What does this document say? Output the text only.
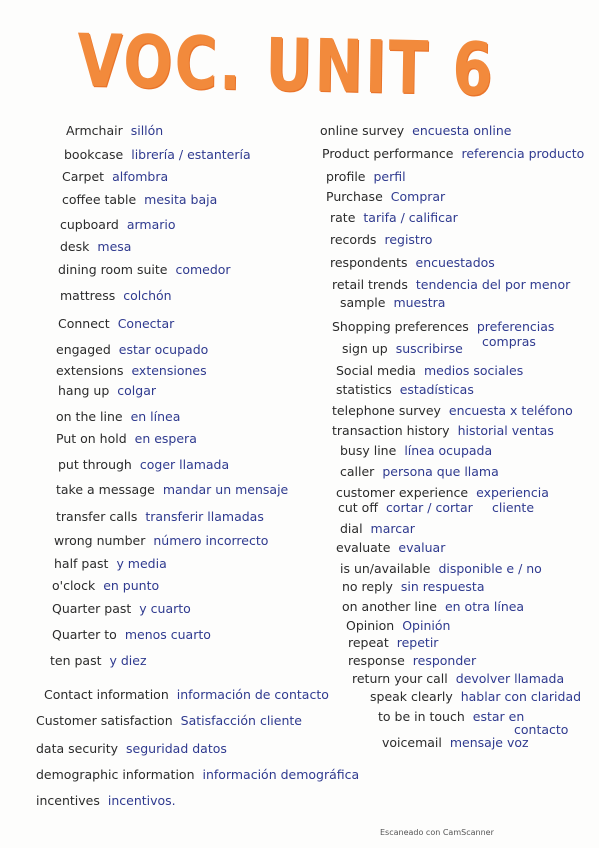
VOC. UNIT 6
Armchair sillón
bookcase librería / estantería
Carpet alfombra
coffee table mesita baja
cupboard armario
desk mesa
dining room suite comedor
mattress colchón
Connect Conectar
engaged estar ocupado
extensions extensiones
hang up colgar
on the line en línea
Put on hold en espera
put through coger llamada
take a message mandar un mensaje
transfer calls transferir llamadas
wrong number número incorrecto
half past y media
o'clock en punto
Quarter past y cuarto
Quarter to menos cuarto
ten past y diez
online survey encuesta online
Product performance referencia producto
profile perfil
Purchase Comprar
rate tarifa / calificar
records registro
respondents encuestados
retail trends tendencia del por menor
sample muestra
Shopping preferences preferencias
compras
sign up suscribirse
Social media medios sociales
statistics estadísticas
telephone survey encuesta x teléfono
transaction history historial ventas
busy line línea ocupada
caller persona que llama
customer experience experiencia
cliente
cut off cortar / cortar
dial marcar
evaluate evaluar
is un/available disponible e / no
no reply sin respuesta
on another line en otra línea
Opinion Opinión
repeat repetir
response responder
return your call devolver llamada
speak clearly hablar con claridad
to be in touch estar en
contacto
voicemail mensaje voz
Contact information información de contacto
Customer satisfaction Satisfacción cliente
data security seguridad datos
demographic information información demográfica
incentives incentivos.
Escaneado con CamScanner
